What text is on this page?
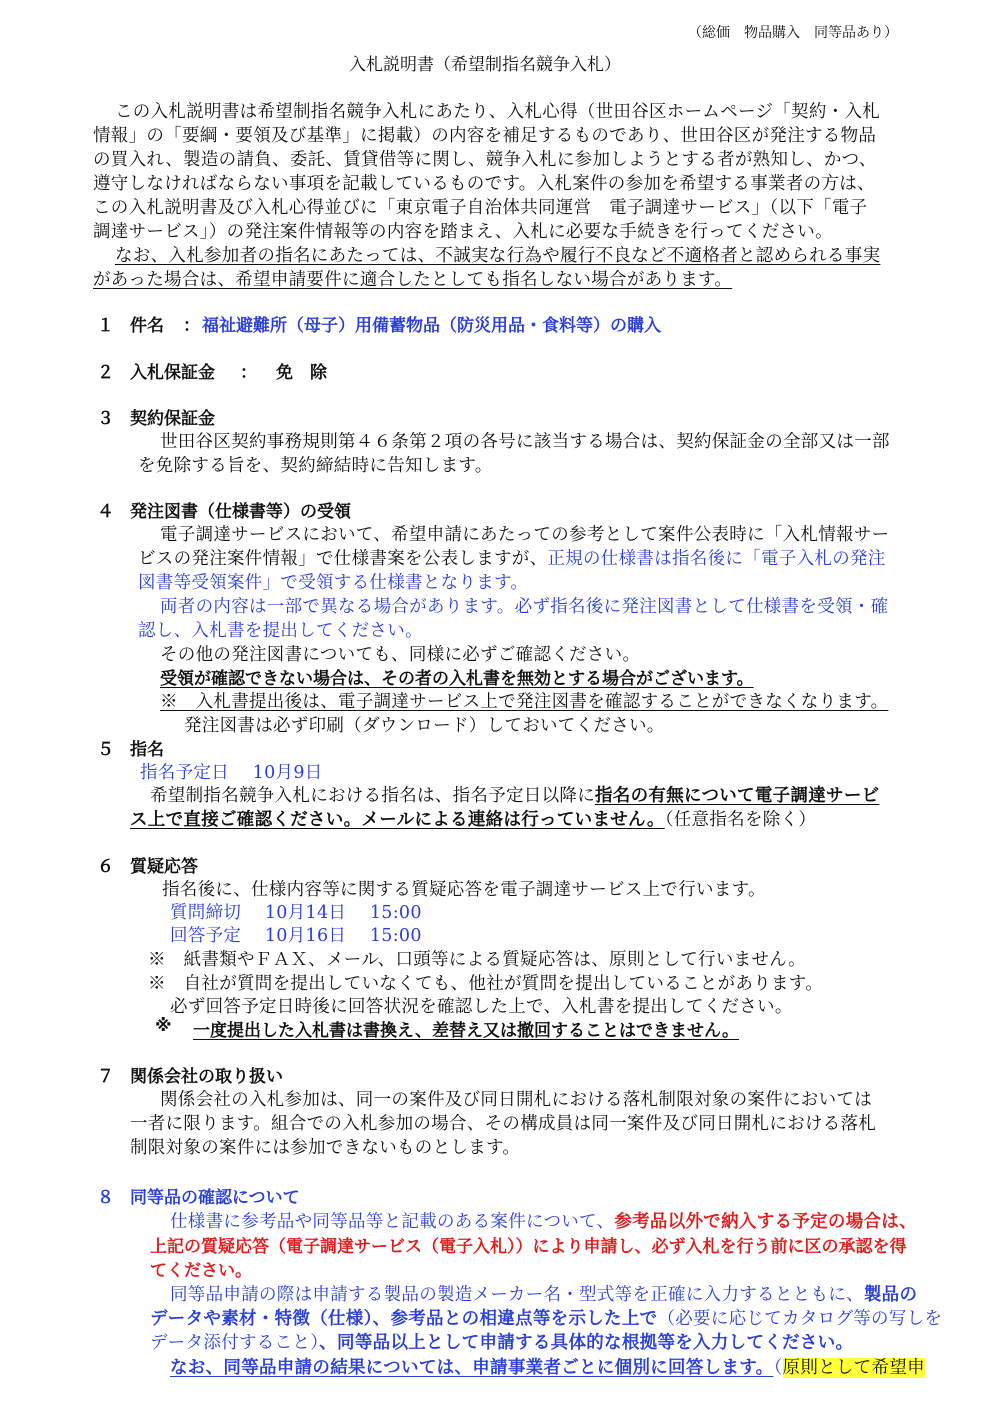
（総価　物品購入　同等品あり）
入札説明書（希望制指名競争入札）
この入札説明書は希望制指名競争入札にあたり、入札心得（世田谷区ホームページ「契約・入札
情報」の「要綱・要領及び基準」に掲載）の内容を補足するものであり、世田谷区が発注する物品
の買入れ、製造の請負、委託、賃貸借等に関し、競争入札に参加しようとする者が熟知し、かつ、
遵守しなければならない事項を記載しているものです。入札案件の参加を希望する事業者の方は、
この入札説明書及び入札心得並びに「東京電子自治体共同運営　電子調達サービス」（以下「電子
調達サービス」）の発注案件情報等の内容を踏まえ、入札に必要な手続きを行ってください。
なお、入札参加者の指名にあたっては、不誠実な行為や履行不良など不適格者と認められる事実
があった場合は、希望申請要件に適合したとしても指名しない場合があります。
１ 件名 ： 福祉避難所（母子）用備蓄物品（防災用品・食料等）の購入
２ 入札保証金 ： 免　除
３ 契約保証金
世田谷区契約事務規則第４６条第２項の各号に該当する場合は、契約保証金の全部又は一部
を免除する旨を、契約締結時に告知します。
４ 発注図書（仕様書等）の受領
電子調達サービスにおいて、希望申請にあたっての参考として案件公表時に「入札情報サー
ビスの発注案件情報」で仕様書案を公表しますが、正規の仕様書は指名後に「電子入札の発注
図書等受領案件」で受領する仕様書となります。
両者の内容は一部で異なる場合があります。必ず指名後に発注図書として仕様書を受領・確
認し、入札書を提出してください。
その他の発注図書についても、同様に必ずご確認ください。
受領が確認できない場合は、その者の入札書を無効とする場合がございます。
※　入札書提出後は、電子調達サービス上で発注図書を確認することができなくなります。
発注図書は必ず印刷（ダウンロード）しておいてください。
５ 指名
指名予定日　 10月9日
希望制指名競争入札における指名は、指名予定日以降に指名の有無について電子調達サービ
ス上で直接ご確認ください。メールによる連絡は行っていません。（任意指名を除く）
６ 質疑応答
指名後に、仕様内容等に関する質疑応答を電子調達サービス上で行います。
質問締切　 10月14日　 15:00
回答予定　 10月16日　 15:00
※　紙書類やＦＡＸ、メール、口頭等による質疑応答は、原則として行いません。
※　自社が質問を提出していなくても、他社が質問を提出していることがあります。
必ず回答予定日時後に回答状況を確認した上で、入札書を提出してください。
※ 一度提出した入札書は書換え、差替え又は撤回することはできません。
７ 関係会社の取り扱い
関係会社の入札参加は、同一の案件及び同日開札における落札制限対象の案件においては
一者に限ります。組合での入札参加の場合、その構成員は同一案件及び同日開札における落札
制限対象の案件には参加できないものとします。
８ 同等品の確認について
仕様書に参考品や同等品等と記載のある案件について、参考品以外で納入する予定の場合は、
上記の質疑応答（電子調達サービス（電子入札））により申請し、必ず入札を行う前に区の承認を得
てください。
同等品申請の際は申請する製品の製造メーカー名・型式等を正確に入力するとともに、製品の
データや素材・特徴（仕様）、参考品との相違点等を示した上で（必要に応じてカタログ等の写しを
データ添付すること）、同等品以上として申請する具体的な根拠等を入力してください。
なお、同等品申請の結果については、申請事業者ごとに個別に回答します。（原則として希望申
